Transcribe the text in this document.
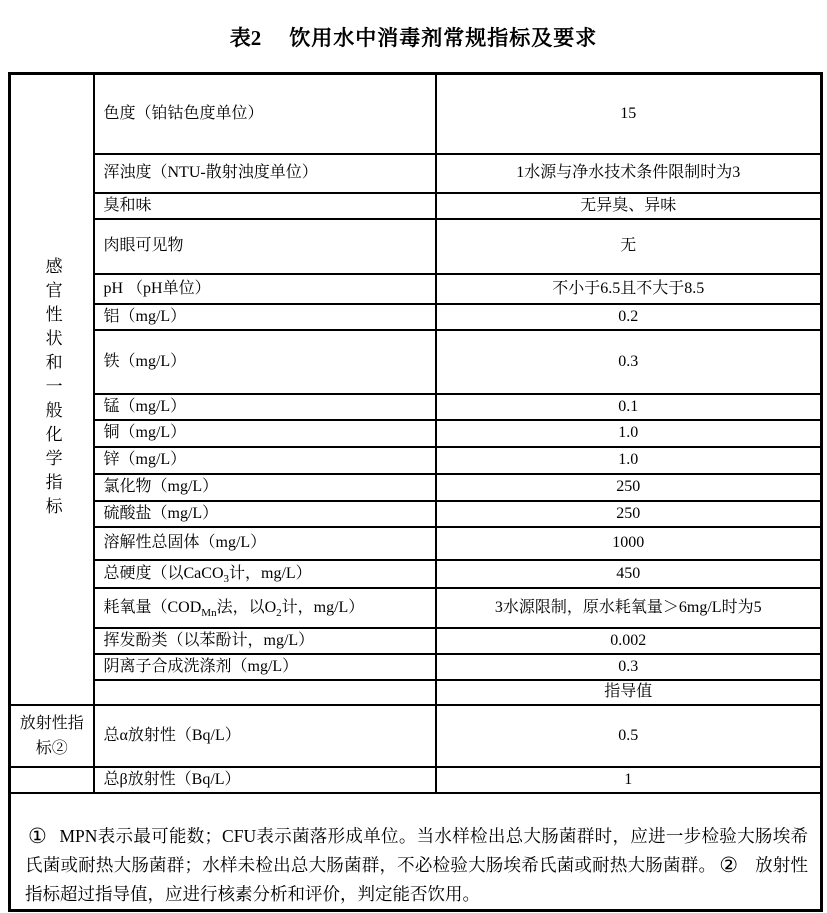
表2 饮用水中消毒剂常规指标及要求
感官性状和一般化学指标	色度（铂钴色度单位）	15
	浑浊度（NTU-散射浊度单位）	1水源与净水技术条件限制时为3
	臭和味	无异臭、异味
	肉眼可见物	无
	pH （pH单位）	不小于6.5且不大于8.5
	铝（mg/L）	0.2
	铁（mg/L）	0.3
	锰（mg/L）	0.1
	铜（mg/L）	1.0
	锌（mg/L）	1.0
	氯化物（mg/L）	250
	硫酸盐（mg/L）	250
	溶解性总固体（mg/L）	1000
	总硬度（以CaCO$_3$计，mg/L）	450
	耗氧量（$COD_{Mn}$法，以$O_2$计，mg/L）	3水源限制，原水耗氧量＞6mg/L时为5
	挥发酚类（以苯酚计，mg/L）	0.002
	阴离子合成洗涤剂（mg/L）	0.3
		指导值
放射性指标②	总α放射性（Bq/L）	0.5
	总β放射性（Bq/L）	1
①  MPN表示最可能数；CFU表示菌落形成单位。当水样检出总大肠菌群时，应进一步检验大肠埃希氏菌或耐热大肠菌群；水样未检出总大肠菌群，不必检验大肠埃希氏菌或耐热大肠菌群。 ②   放射性指标超过指导值，应进行核素分析和评价，判定能否饮用。		
